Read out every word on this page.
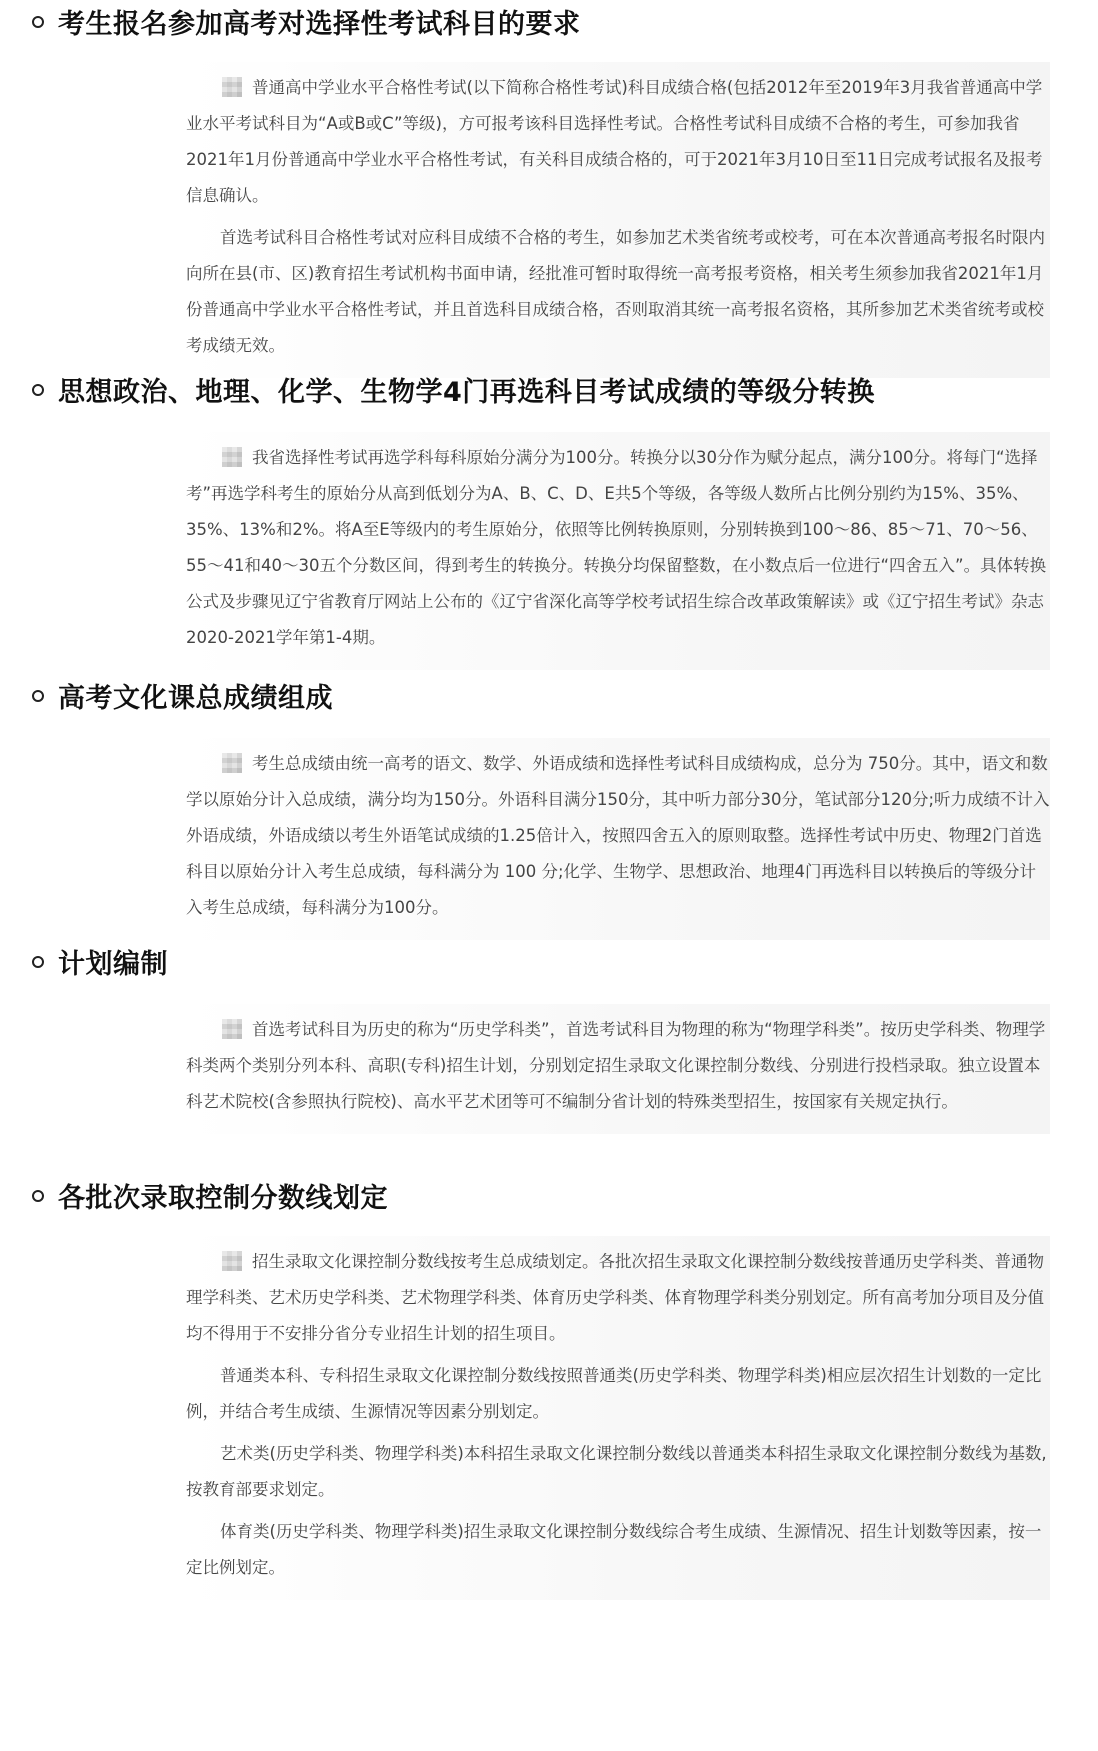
考生报名参加高考对选择性考试科目的要求

普通高中学业水平合格性考试(以下简称合格性考试)科目成绩合格(包括2012年至2019年3月我省普通高中学业水平考试科目为“A或B或C”等级)，方可报考该科目选择性考试。合格性考试科目成绩不合格的考生，可参加我省2021年1月份普通高中学业水平合格性考试，有关科目成绩合格的，可于2021年3月10日至11日完成考试报名及报考信息确认。

首选考试科目合格性考试对应科目成绩不合格的考生，如参加艺术类省统考或校考，可在本次普通高考报名时限内向所在县(市、区)教育招生考试机构书面申请，经批准可暂时取得统一高考报考资格，相关考生须参加我省2021年1月份普通高中学业水平合格性考试，并且首选科目成绩合格，否则取消其统一高考报名资格，其所参加艺术类省统考或校考成绩无效。

思想政治、地理、化学、生物学4门再选科目考试成绩的等级分转换

我省选择性考试再选学科每科原始分满分为100分。转换分以30分作为赋分起点，满分100分。将每门“选择考”再选学科考生的原始分从高到低划分为A、B、C、D、E共5个等级，各等级人数所占比例分别约为15%、35%、35%、13%和2%。将A至E等级内的考生原始分，依照等比例转换原则，分别转换到100～86、85～71、70～56、55～41和40～30五个分数区间，得到考生的转换分。转换分均保留整数，在小数点后一位进行“四舍五入”。具体转换公式及步骤见辽宁省教育厅网站上公布的《辽宁省深化高等学校考试招生综合改革政策解读》或《辽宁招生考试》杂志2020-2021学年第1-4期。

高考文化课总成绩组成

考生总成绩由统一高考的语文、数学、外语成绩和选择性考试科目成绩构成，总分为 750分。其中，语文和数学以原始分计入总成绩，满分均为150分。外语科目满分150分，其中听力部分30分，笔试部分120分;听力成绩不计入外语成绩，外语成绩以考生外语笔试成绩的1.25倍计入，按照四舍五入的原则取整。选择性考试中历史、物理2门首选科目以原始分计入考生总成绩，每科满分为 100 分;化学、生物学、思想政治、地理4门再选科目以转换后的等级分计入考生总成绩，每科满分为100分。

计划编制

首选考试科目为历史的称为“历史学科类”，首选考试科目为物理的称为“物理学科类”。按历史学科类、物理学科类两个类别分列本科、高职(专科)招生计划，分别划定招生录取文化课控制分数线、分别进行投档录取。独立设置本科艺术院校(含参照执行院校)、高水平艺术团等可不编制分省计划的特殊类型招生，按国家有关规定执行。

各批次录取控制分数线划定

招生录取文化课控制分数线按考生总成绩划定。各批次招生录取文化课控制分数线按普通历史学科类、普通物理学科类、艺术历史学科类、艺术物理学科类、体育历史学科类、体育物理学科类分别划定。所有高考加分项目及分值均不得用于不安排分省分专业招生计划的招生项目。

普通类本科、专科招生录取文化课控制分数线按照普通类(历史学科类、物理学科类)相应层次招生计划数的一定比例，并结合考生成绩、生源情况等因素分别划定。

艺术类(历史学科类、物理学科类)本科招生录取文化课控制分数线以普通类本科招生录取文化课控制分数线为基数,按教育部要求划定。

体育类(历史学科类、物理学科类)招生录取文化课控制分数线综合考生成绩、生源情况、招生计划数等因素，按一定比例划定。
